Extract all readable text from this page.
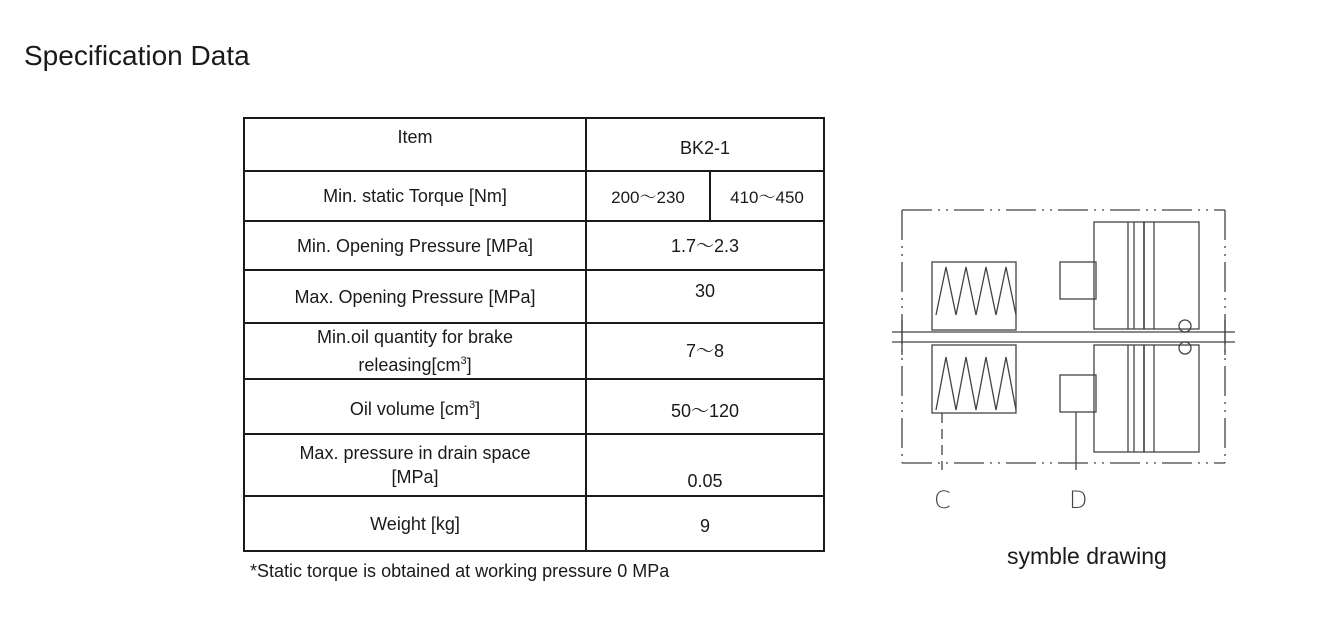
Specification Data
Item	BK2-1	
Min. static Torque [Nm]	200～230	410～450
Min. Opening Pressure [MPa]	1.7～2.3	
Max. Opening Pressure [MPa]	30	

Min.oil quantity for brake
$releasing[cm^3]$	7～8	
Oil volume $[cm^3]$	50～120	

Max. pressure in drain space
[MPa]	0.05	
Weight [kg]	9	
*Static torque is obtained at working pressure 0 MPa
C	D
symble drawing
